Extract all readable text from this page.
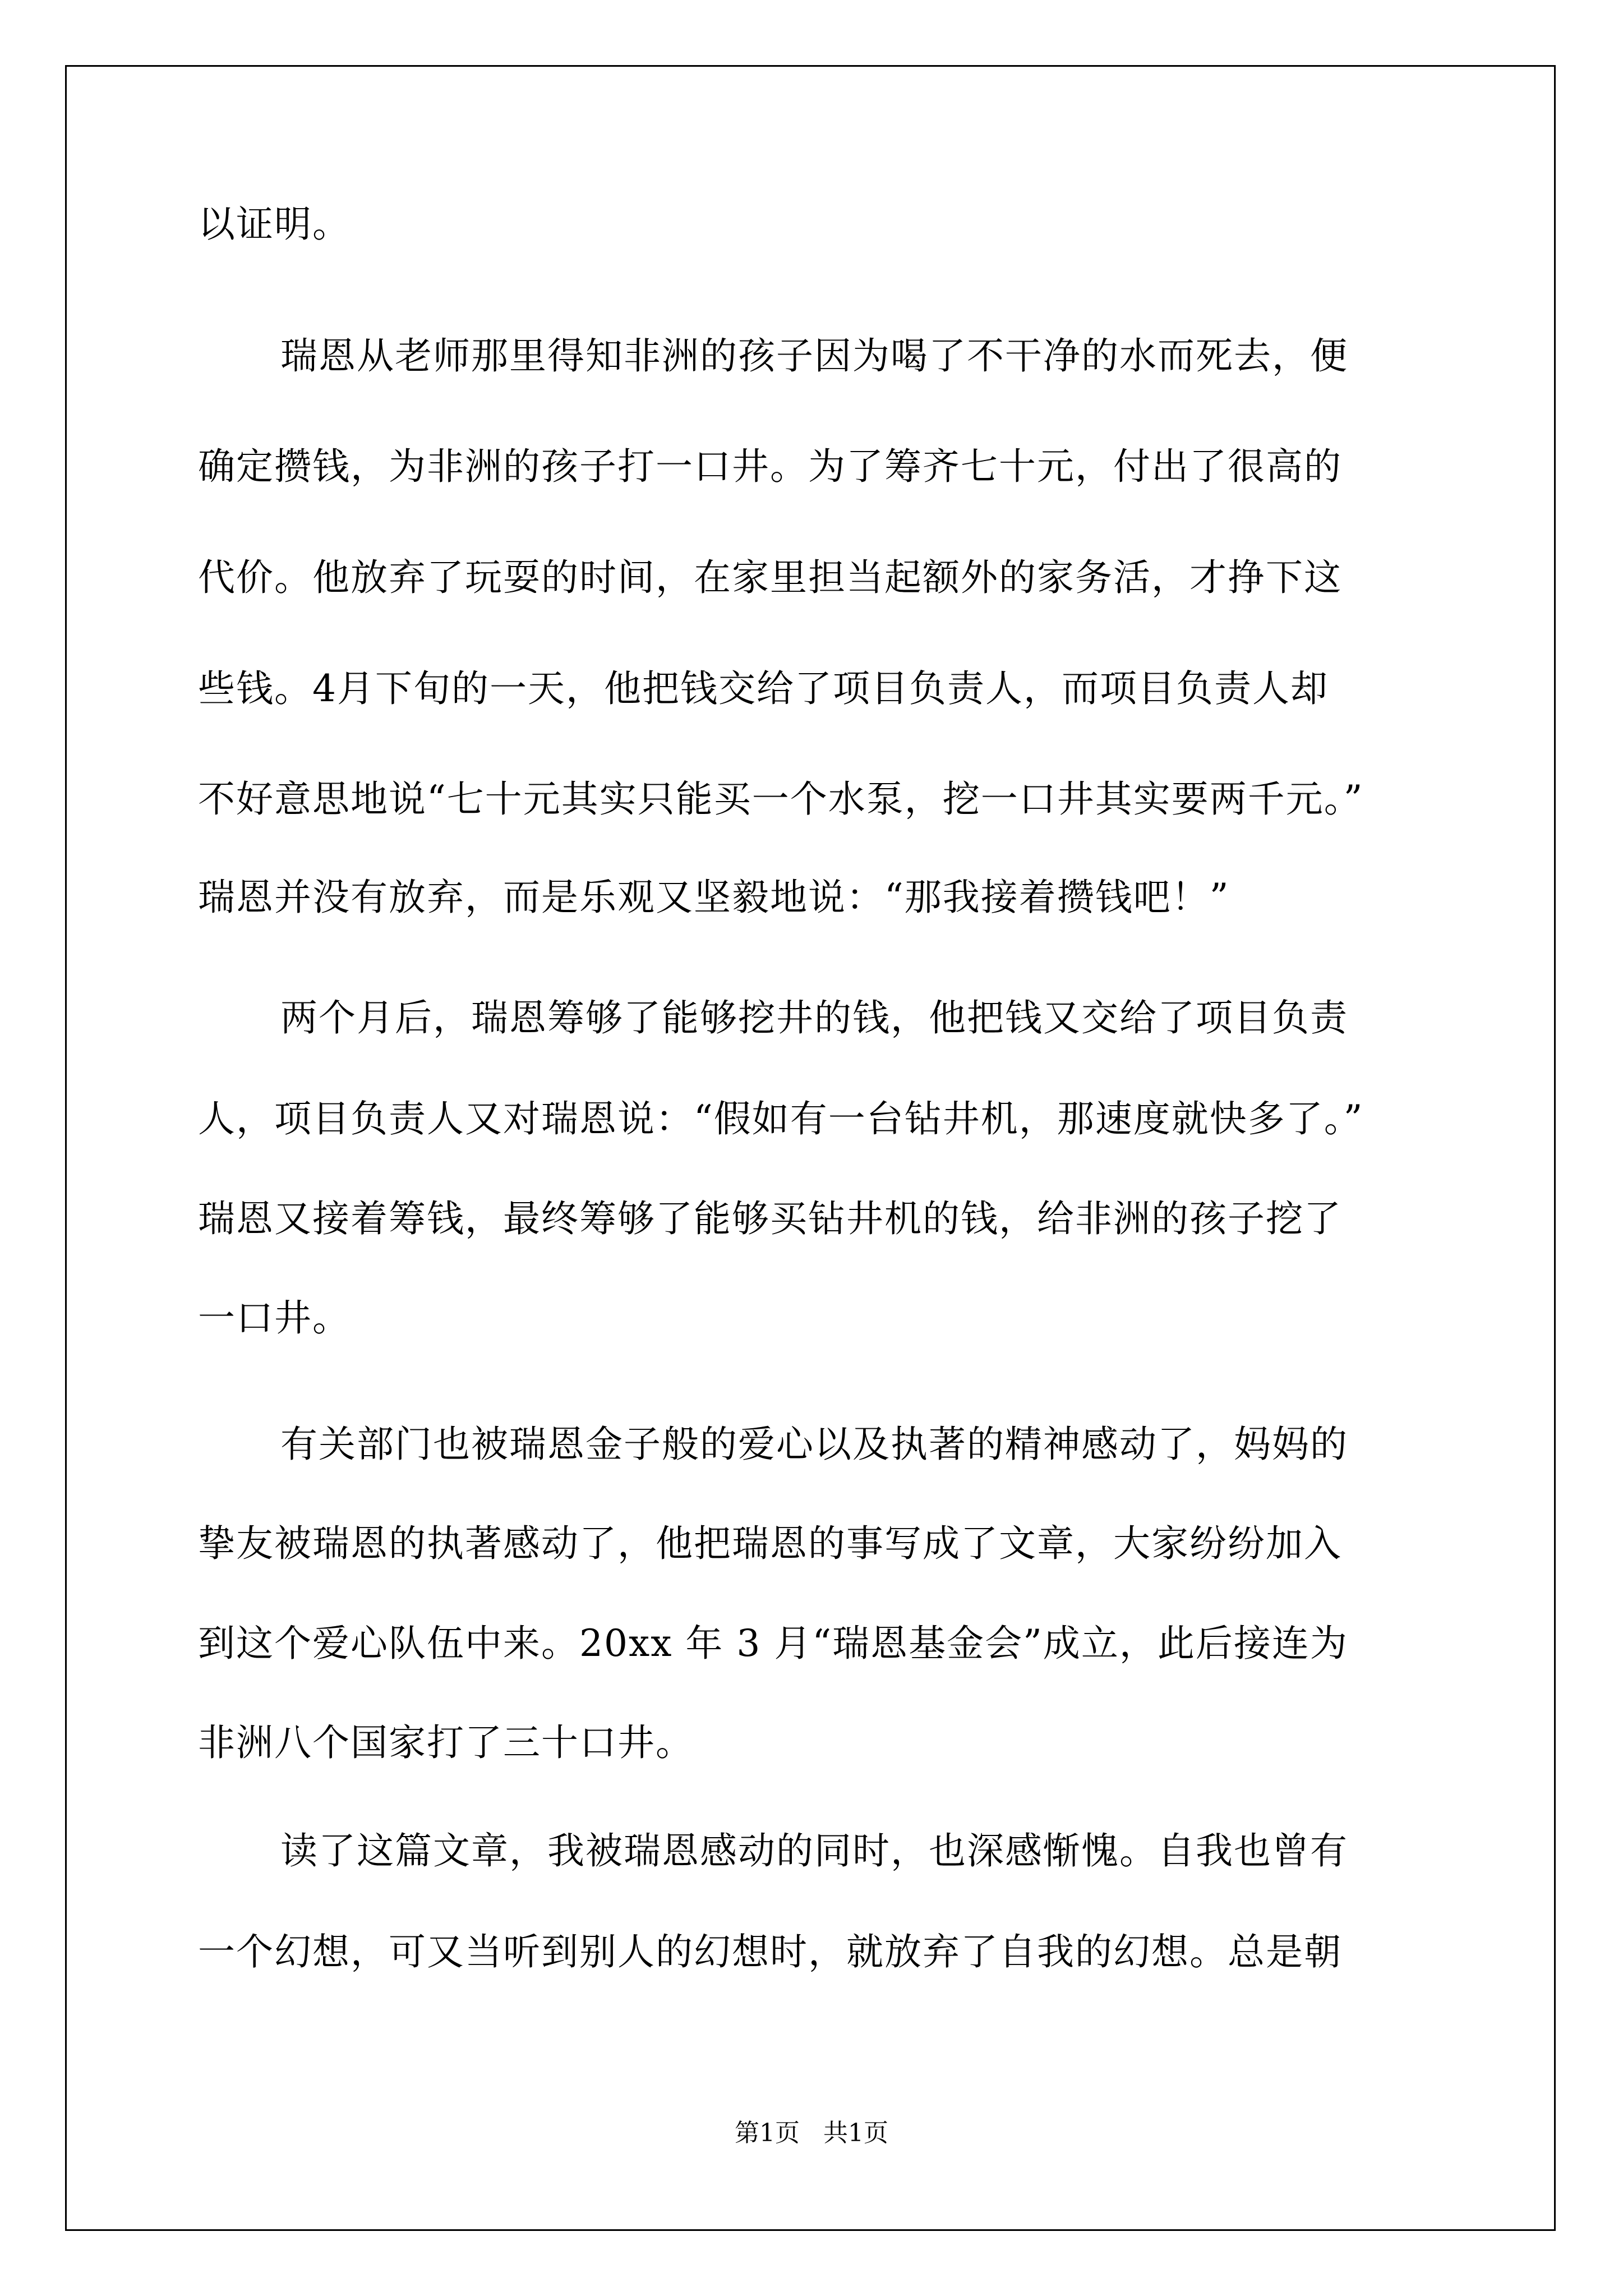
以证明。
瑞恩从老师那里得知非洲的孩子因为喝了不干净的水而死去，便
确定攒钱，为非洲的孩子打一口井。为了筹齐七十元，付出了很高的
代价。他放弃了玩耍的时间，在家里担当起额外的家务活，才挣下这
些钱。4月下旬的一天，他把钱交给了项目负责人，而项目负责人却
不好意思地说“七十元其实只能买一个水泵，挖一口井其实要两千元。”
瑞恩并没有放弃，而是乐观又坚毅地说：“那我接着攒钱吧！”
两个月后，瑞恩筹够了能够挖井的钱，他把钱又交给了项目负责
人，项目负责人又对瑞恩说：“假如有一台钻井机，那速度就快多了。”
瑞恩又接着筹钱，最终筹够了能够买钻井机的钱，给非洲的孩子挖了
一口井。
有关部门也被瑞恩金子般的爱心以及执著的精神感动了，妈妈的
挚友被瑞恩的执著感动了，他把瑞恩的事写成了文章，大家纷纷加入
到这个爱心队伍中来。20xx 年 3 月“瑞恩基金会”成立，此后接连为
非洲八个国家打了三十口井。
读了这篇文章，我被瑞恩感动的同时，也深感惭愧。自我也曾有
一个幻想，可又当听到别人的幻想时，就放弃了自我的幻想。总是朝
第1页   共1页
